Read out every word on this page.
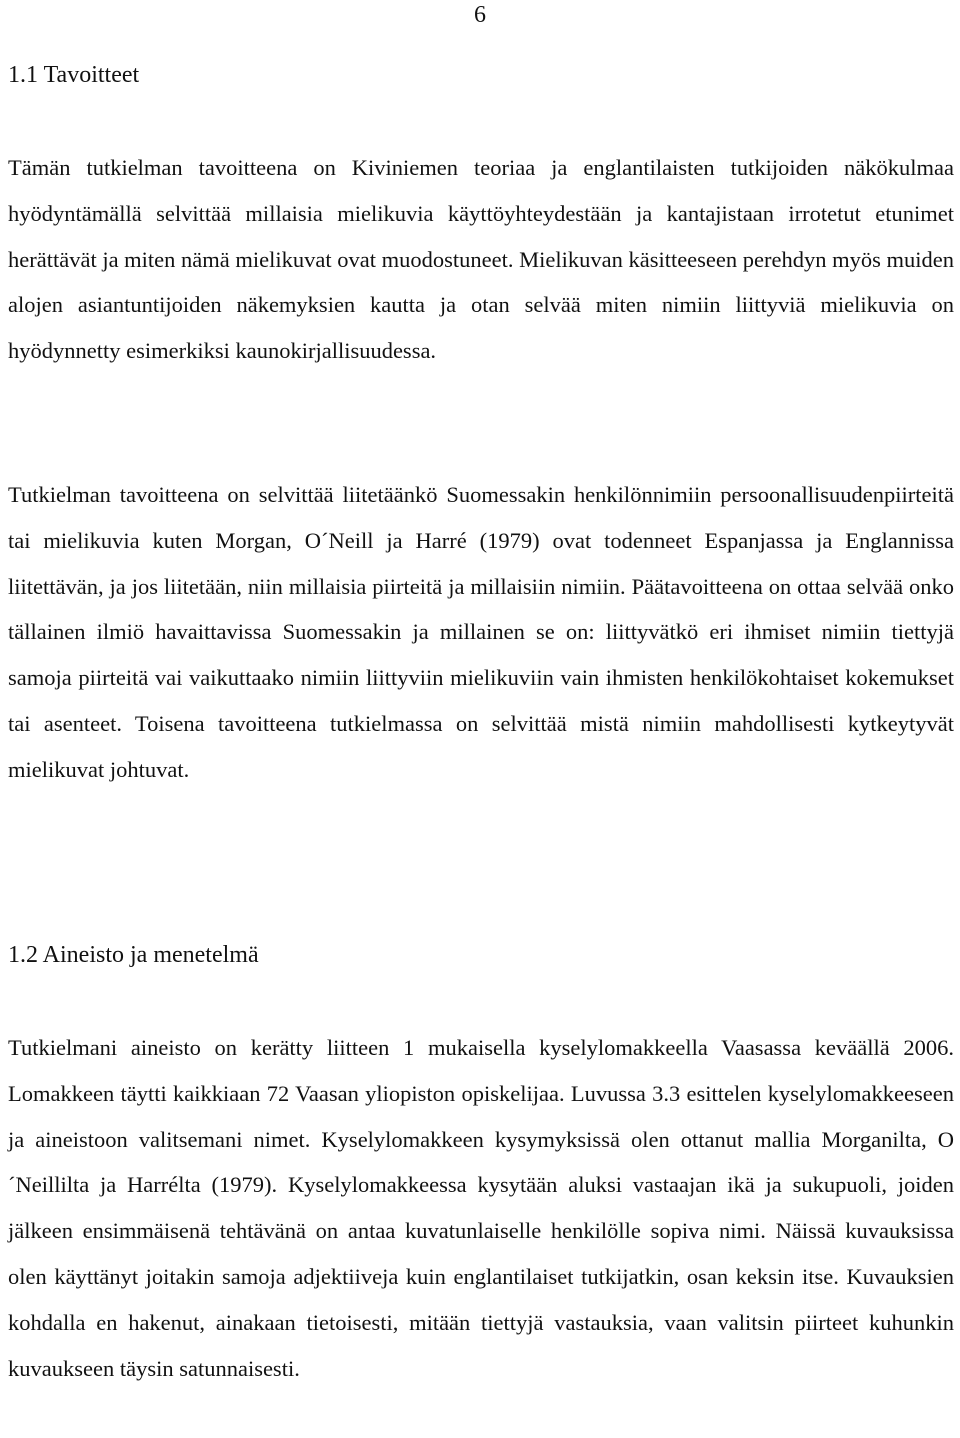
6
1.1 Tavoitteet

Tämän tutkielman tavoitteena on Kiviniemen teoriaa ja englantilaisten tutkijoiden näkökulmaa hyödyntämällä selvittää millaisia mielikuvia käyttöyhteydestään ja kantajistaan irrotetut etunimet herättävät ja miten nämä mielikuvat ovat muodostuneet. Mielikuvan käsitteeseen perehdyn myös muiden alojen asiantuntijoiden näkemyksien kautta ja otan selvää miten nimiin liittyviä mielikuvia on hyödynnetty esimerkiksi kaunokirjallisuudessa.

Tutkielman tavoitteena on selvittää liitetäänkö Suomessakin henkilönnimiin persoonallisuudenpiirteitä tai mielikuvia kuten Morgan, O´Neill ja Harré (1979) ovat todenneet Espanjassa ja Englannissa liitettävän, ja jos liitetään, niin millaisia piirteitä ja millaisiin nimiin. Päätavoitteena on ottaa selvää onko tällainen ilmiö havaittavissa Suomessakin ja millainen se on: liittyvätkö eri ihmiset nimiin tiettyjä samoja piirteitä vai vaikuttaako nimiin liittyviin mielikuviin vain ihmisten henkilökohtaiset kokemukset tai asenteet. Toisena tavoitteena tutkielmassa on selvittää mistä nimiin mahdollisesti kytkeytyvät mielikuvat johtuvat.

1.2 Aineisto ja menetelmä

Tutkielmani aineisto on kerätty liitteen 1 mukaisella kyselylomakkeella Vaasassa keväällä 2006. Lomakkeen täytti kaikkiaan 72 Vaasan yliopiston opiskelijaa. Luvussa 3.3 esittelen kyselylomakkeeseen ja aineistoon valitsemani nimet. Kyselylomakkeen kysymyksissä olen ottanut mallia Morganilta, O´Neillilta ja Harrélta (1979). Kyselylomakkeessa kysytään aluksi vastaajan ikä ja sukupuoli, joiden jälkeen ensimmäisenä tehtävänä on antaa kuvatunlaiselle henkilölle sopiva nimi. Näissä kuvauksissa olen käyttänyt joitakin samoja adjektiiveja kuin englantilaiset tutkijatkin, osan keksin itse. Kuvauksien kohdalla en hakenut, ainakaan tietoisesti, mitään tiettyjä vastauksia, vaan valitsin piirteet kuhunkin kuvaukseen täysin satunnaisesti.
